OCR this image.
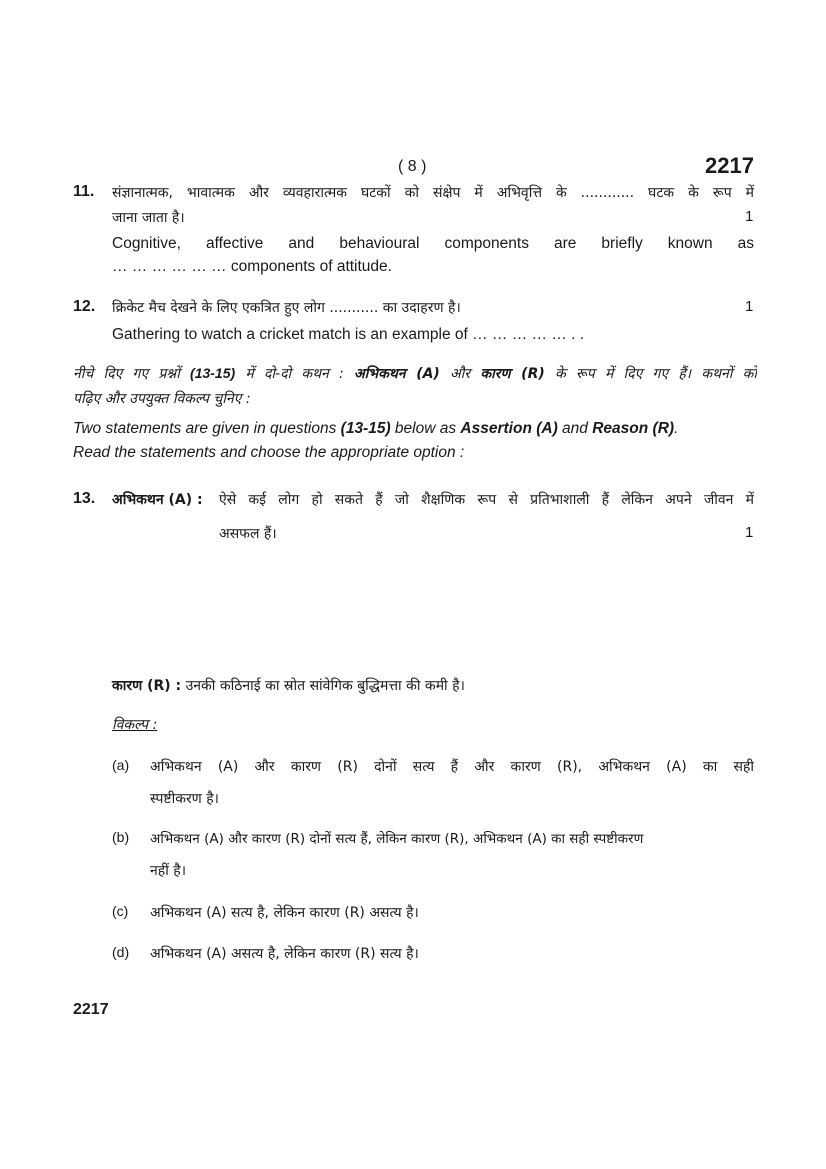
( 8 )	2217
11. संज्ञानात्मक, भावात्मक और व्यवहारात्मक घटकों को संक्षेप में अभिवृत्ति के ............ घटक के रूप में
जाना जाता है।	1
Cognitive, affective and behavioural components are briefly known as
… … … … … … components of attitude.
12. क्रिकेट मैच देखने के लिए एकत्रित हुए लोग ........... का उदाहरण है।	1
Gathering to watch a cricket match is an example of … … … … … . .
नीचे दिए गए प्रश्नों (13-15) में दो-दो कथन : अभिकथन (A) और कारण (R) के रूप में दिए गए हैं। कथनों को
पढ़िए और उपयुक्त विकल्प चुनिए :
Two statements are given in questions (13-15) below as Assertion (A) and Reason (R).
Read the statements and choose the appropriate option :
13. अभिकथन (A) : ऐसे कई लोग हो सकते हैं जो शैक्षणिक रूप से प्रतिभाशाली हैं लेकिन अपने जीवन में
असफल हैं।	1
कारण (R) : उनकी कठिनाई का स्रोत सांवेगिक बुद्धिमत्ता की कमी है।
विकल्प :
(a) अभिकथन (A) और कारण (R) दोनों सत्य हैं और कारण (R), अभिकथन (A) का सही
स्पष्टीकरण है।
(b) अभिकथन (A) और कारण (R) दोनों सत्य हैं, लेकिन कारण (R), अभिकथन (A) का सही स्पष्टीकरण
नहीं है।
(c) अभिकथन (A) सत्य है, लेकिन कारण (R) असत्य है।
(d) अभिकथन (A) असत्य है, लेकिन कारण (R) सत्य है।
2217
